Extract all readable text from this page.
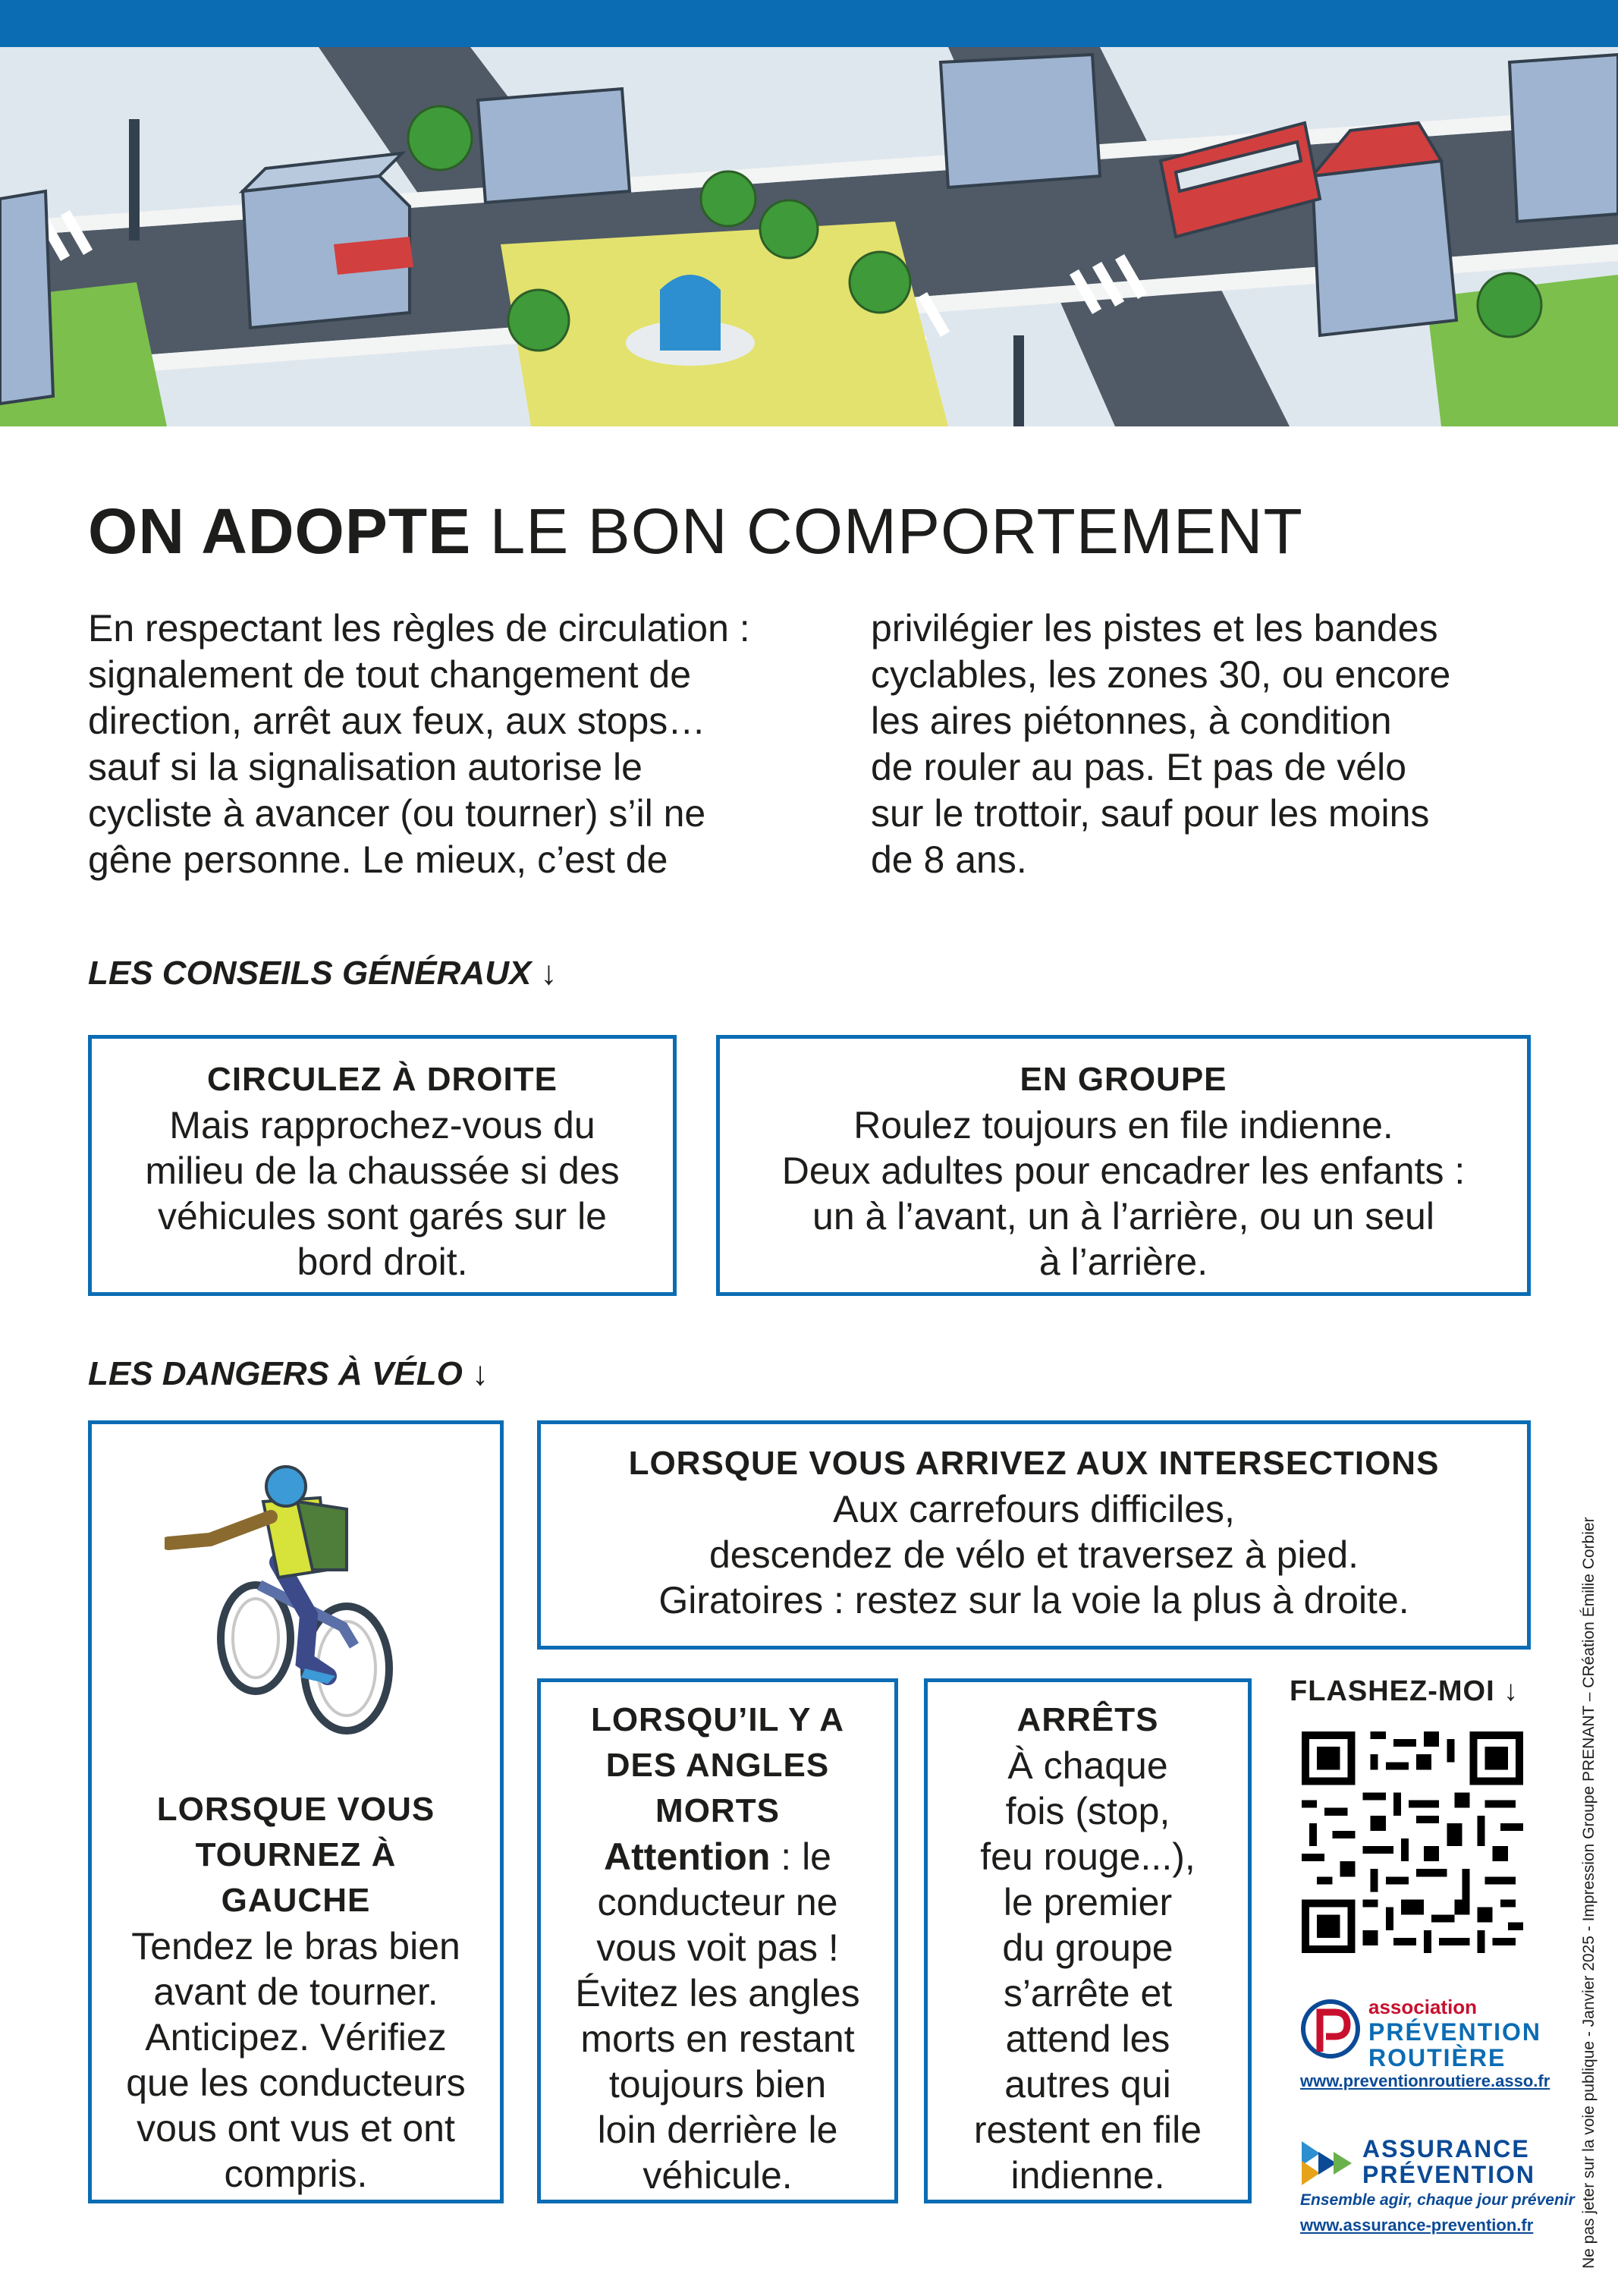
ON ADOPTE LE BON COMPORTEMENT
En respectant les règles de circulation :
signalement de tout changement de
direction, arrêt aux feux, aux stops…
sauf si la signalisation autorise le
cycliste à avancer (ou tourner) s’il ne
gêne personne. Le mieux, c’est de
privilégier les pistes et les bandes
cyclables, les zones 30, ou encore
les aires piétonnes, à condition
de rouler au pas. Et pas de vélo
sur le trottoir, sauf pour les moins
de 8 ans.
LES CONSEILS GÉNÉRAUX ↓
CIRCULEZ À DROITE
Mais rapprochez-vous du
milieu de la chaussée si des
véhicules sont garés sur le
bord droit.
EN GROUPE
Roulez toujours en file indienne.
Deux adultes pour encadrer les enfants :
un à l’avant, un à l’arrière, ou un seul
à l’arrière.
LES DANGERS À VÉLO ↓
LORSQUE VOUS
TOURNEZ À
GAUCHE
Tendez le bras bien
avant de tourner.
Anticipez. Vérifiez
que les conducteurs
vous ont vus et ont
compris.
LORSQUE VOUS ARRIVEZ AUX INTERSECTIONS
Aux carrefours difficiles,
descendez de vélo et traversez à pied.
Giratoires : restez sur la voie la plus à droite.
LORSQU’IL Y A
DES ANGLES
MORTS
Attention : le
conducteur ne
vous voit pas !
Évitez les angles
morts en restant
toujours bien
loin derrière le
véhicule.
ARRÊTS
À chaque
fois (stop,
feu rouge...),
le premier
du groupe
s’arrête et
attend les
autres qui
restent en file
indienne.
FLASHEZ-MOI ↓
association
PRÉVENTION
ROUTIÈRE
www.preventionroutiere.asso.fr
ASSURANCE
PRÉVENTION
Ensemble agir, chaque jour prévenir
www.assurance-prevention.fr	Ne pas jeter sur la voie publique - Janvier 2025 - Impression Groupe PRENANT – CRéation Émilie Corbier
